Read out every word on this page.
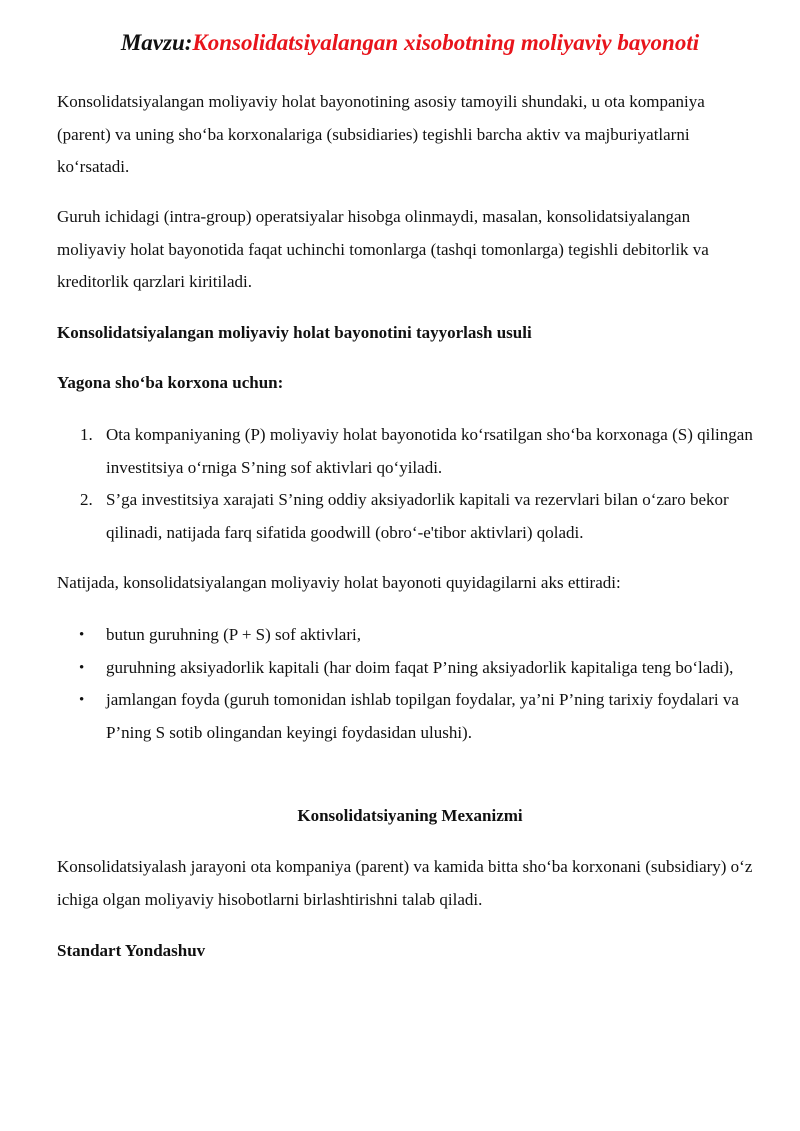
Mavzu:Konsolidatsiyalangan xisobotning moliyaviy bayonoti

Konsolidatsiyalangan moliyaviy holat bayonotining asosiy tamoyili shundaki, u ota kompaniya (parent) va uning sho‘ba korxonalariga (subsidiaries) tegishli barcha aktiv va majburiyatlarni ko‘rsatadi.

Guruh ichidagi (intra-group) operatsiyalar hisobga olinmaydi, masalan, konsolidatsiyalangan moliyaviy holat bayonotida faqat uchinchi tomonlarga (tashqi tomonlarga) tegishli debitorlik va kreditorlik qarzlari kiritiladi.

Konsolidatsiyalangan moliyaviy holat bayonotini tayyorlash usuli

Yagona sho‘ba korxona uchun:

1. Ota kompaniyaning (P) moliyaviy holat bayonotida ko‘rsatilgan sho‘ba korxonaga (S) qilingan investitsiya o‘rniga S’ning sof aktivlari qo‘yiladi.
2. S’ga investitsiya xarajati S’ning oddiy aksiyadorlik kapitali va rezervlari bilan o‘zaro bekor qilinadi, natijada farq sifatida goodwill (obro‘-e'tibor aktivlari) qoladi.

Natijada, konsolidatsiyalangan moliyaviy holat bayonoti quyidagilarni aks ettiradi:

• butun guruhning (P + S) sof aktivlari,
• guruhning aksiyadorlik kapitali (har doim faqat P’ning aksiyadorlik kapitaliga teng bo‘ladi),
• jamlangan foyda (guruh tomonidan ishlab topilgan foydalar, ya’ni P’ning tarixiy foydalari va P’ning S sotib olingandan keyingi foydasidan ulushi).

Konsolidatsiyaning Mexanizmi

Konsolidatsiyalash jarayoni ota kompaniya (parent) va kamida bitta sho‘ba korxonani (subsidiary) o‘z ichiga olgan moliyaviy hisobotlarni birlashtirishni talab qiladi.

Standart Yondashuv
